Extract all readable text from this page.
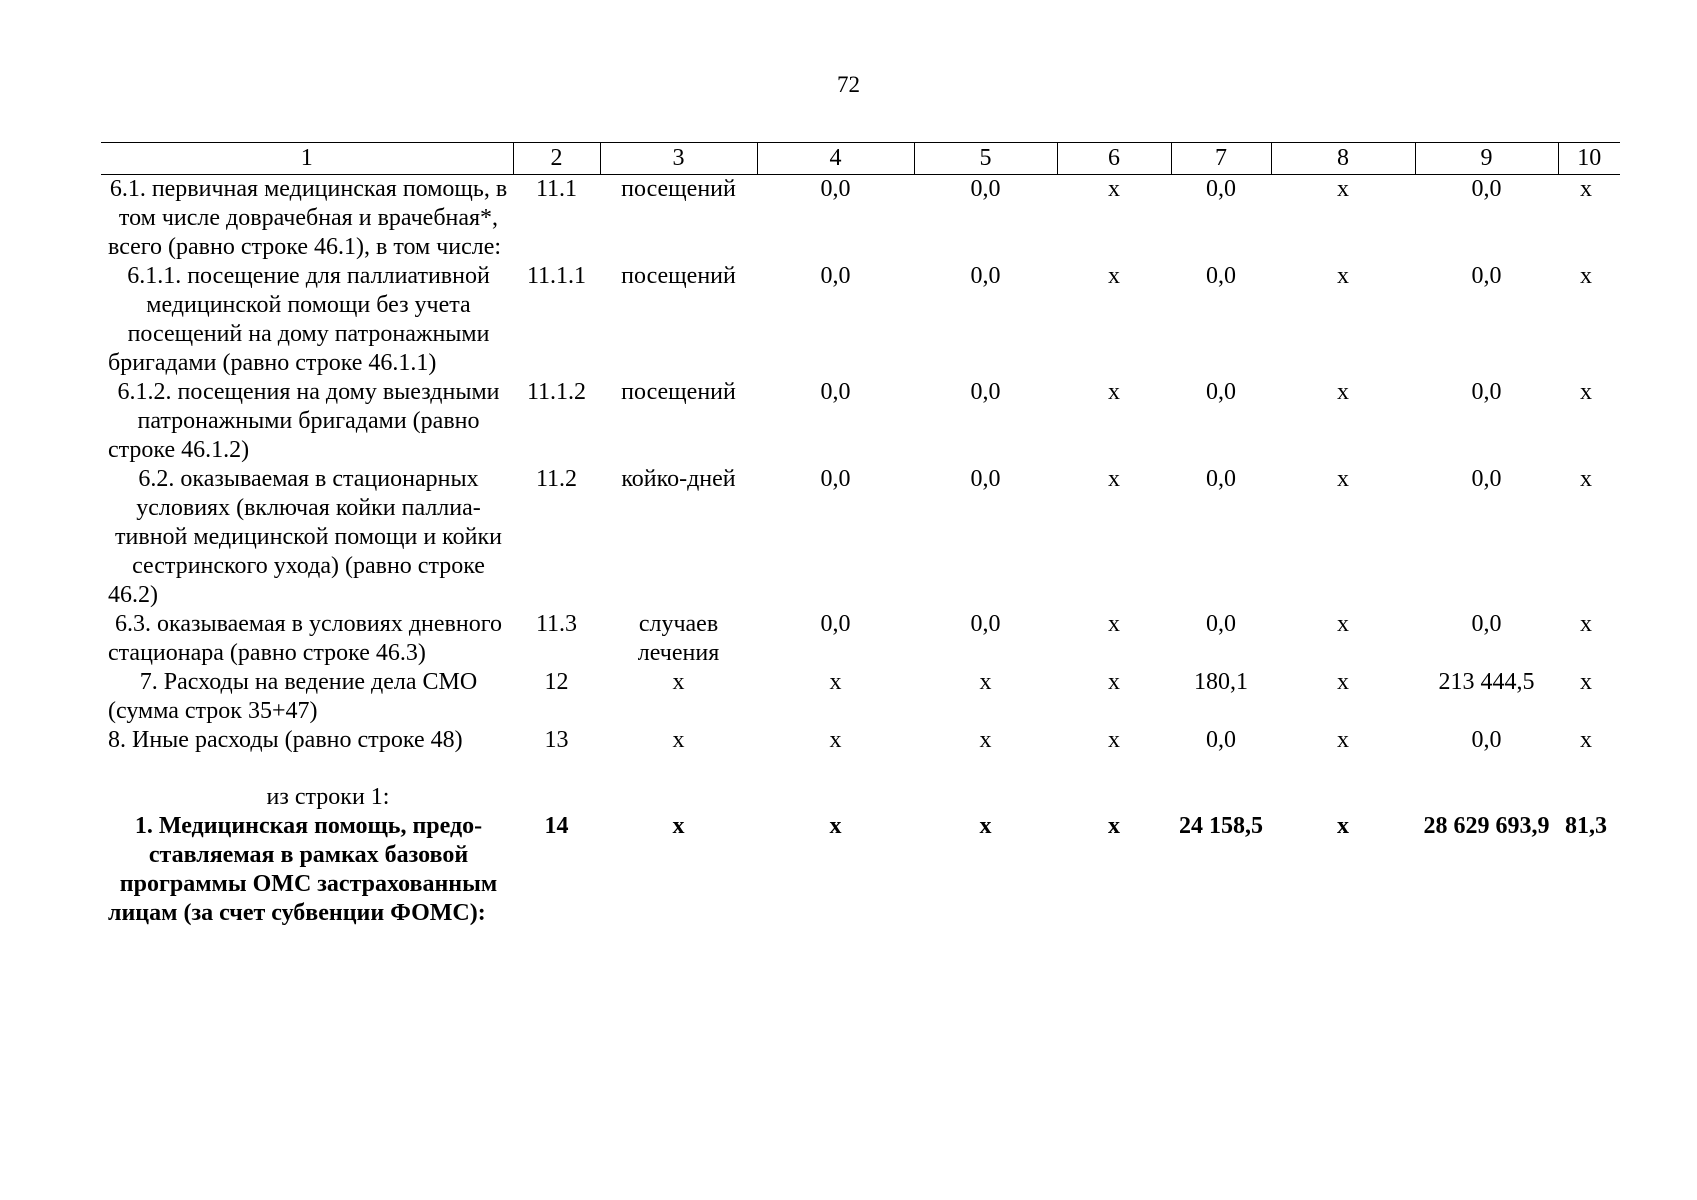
72
1	2	3	4	5	6	7	8	9	10
6.1. первичная медицинская помощь, в том числе доврачебная и врачебная*, всего (равно строке 46.1), в том числе:	11.1	посещений	0,0	0,0	х	0,0	х	0,0	х
6.1.1. посещение для паллиативной медицинской помощи без учета посещений на дому патронажными бригадами (равно строке 46.1.1)	11.1.1	посещений	0,0	0,0	х	0,0	х	0,0	х
6.1.2. посещения на дому выездными патронажными бригадами (равно строке 46.1.2)	11.1.2	посещений	0,0	0,0	х	0,0	х	0,0	х
6.2. оказываемая в стационарных условиях (включая койки паллиативной медицинской помощи и койки сестринского ухода) (равно строке 46.2)	11.2	койко-дней	0,0	0,0	х	0,0	х	0,0	х
6.3. оказываемая в условиях дневного стационара (равно строке 46.3)	11.3	случаев лечения	0,0	0,0	х	0,0	х	0,0	х
7. Расходы на ведение дела СМО (сумма строк 35+47)	12	х	х	х	х	180,1	х	213 444,5	х
8. Иные расходы (равно строке 48)	13	х	х	х	х	0,0	х	0,0	х

из строки 1:									
1. Медицинская помощь, предоставляемая в рамках базовой программы ОМС застрахованным лицам (за счет субвенции ФОМС):	14	х	х	х	х	24 158,5	х	28 629 693,9	81,3
